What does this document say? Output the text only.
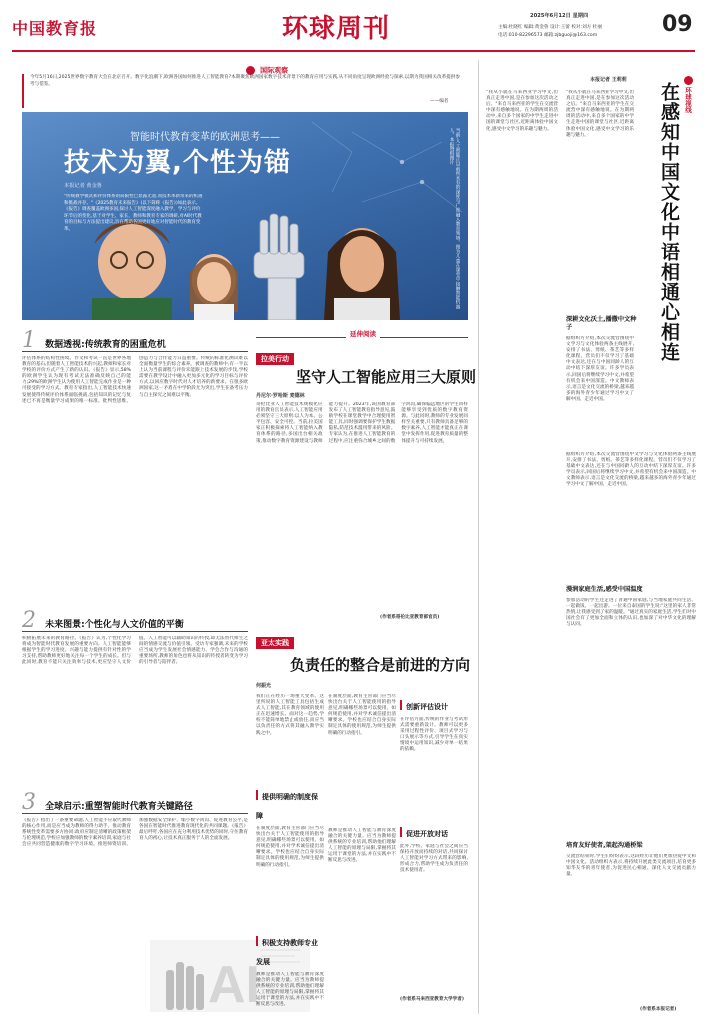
中国教育报	环球周刊	2025年6月12日 星期四
主编:杜晓红 编辑:黄金鲁 设计:王蕾 校对:刘方 杜丽
电话:010-82296573 邮箱:zjbguoji@163.com	09
国际观察
今年5月16日,2025世界数字教育大会在北京召开。数字化浪潮下,欧洲各国如何推进人工智能教育?本期聚焦欧洲国家数字技术背景下的教育应用与实践,从不同角度呈现欧洲经验与探索,以期为我国相关改革提供参考与借鉴。
——编者
智能时代教育变革的欧洲思考——
技术为翼,个性为锚
本报记者 黄金鲁
"传统教学模式和评价体系的局限性已显露无遗,而技术革新带来的机遇和挑战并存。"《2025教育未来报告》(以下简称《报告》)如此表示。《报告》调查覆盖欧洲多国,探讨人工智能深度融入教学、学习与评价环节后的变化,基于对学生、家长、教师和教育专家的调研,对AI时代教育的目标与方法提出建议,旨在帮助各国更好地应对智能时代的教育变革。	当前,人工智能正以前所未有的深度与广度融入教育领域。图为儿童在课堂中接触智能机器人。本报资料图片
1 数据透视:传统教育的困重危机
评估体系的结构性困境。作文和考试一直是世界各地教育的基石,但随着人工智能技术的兴起,教师和家长对学校的评价方式产生了新的认识。《报告》显示,58%的欧洲学生认为现有考试无法准确反映自己的能力;29%的欧洲学生认为使用人工智能完成作业是一种可接受的学习方式。教育专家指出,人工智能技术快速发展使得传统评价体系面临挑战,包括知识的记忆与复述已不再是衡量学习成果的唯一标准。批判性思维、创造力与合作能力日益重要。传统的标准化测试难以全面衡量学生的综合素养。被调查的教师中,有一半以上认为当前课程与评价未能跟上技术发展的步伐,学校需要在教学设计中融入更加多元化的学习目标与评价方式,以回应数字时代对人才培养的新要求。在很多欧洲国家,这一矛盾在中学阶段尤为突出,学生在备考压力与自主探究之间难以平衡。
2 未来图景:个性化与人文价值的平衡
积极拓展未来的教育路径。《报告》认为,个性化学习将成为智能时代教育发展的重要方向。人工智能能够根据学生的学习进度、兴趣与能力提供有针对性的学习支持,帮助教师更好地关注每一个学生的成长。但与此同时,教育不能只关注效率与技术,更应坚守人文价值。人工智能可以辅助知识的传授,却无法替代师生之间的情感交流与价值引领。受访专家强调,未来的学校应当成为学生发展社会情感能力、学会合作与沟通的重要场所,教师的角色也将从知识的传授者转变为学习的引导者与陪伴者。
3 全球启示:重塑智能时代教育关键路径
《报告》指出了一条重要命题,人工智能不应取代教师的核心作用,而是应当成为教师的得力助手。推动教育系统性变革需要多方协同:政府应制定清晰的政策框架与伦理规范,学校应加强教师的数字素养培训,家庭与社会应共同营造健康的数字学习环境。推进师资培训、加强数据安全保护、缩小数字鸿沟、促进教育公平,是各国在智能时代推进教育现代化的共同课题。《报告》最后呼吁,各国应在充分利用技术优势的同时,守住教育育人的初心,让技术真正服务于人的全面发展。
AI
延伸阅读
拉美行动
坚守人工智能应用三大原则
丹尼尔·罗哈斯 麦德林
哥伦比亚人工智能技术规模化应用的教育官员表示,人工智能应用必须坚守三大原则:以人为本、公平包容、安全可控。当前,拉美国家正积极探索将人工智能纳入教育体系的路径,多国出台相关政策,推动数字教育资源建设与教师能力提升。2023年,该国教育部发布了人工智能教育指导意见,鼓励学校在课堂教学中合理使用智能工具,同时强调要保护学生数据隐私,防范技术滥用带来的风险。专家认为,在推进人工智能教育的过程中,应注重弥合城乡之间的数字鸿沟,确保偏远地区的学生同样能够享受到优质的数字教育资源。与此同时,教师的专业发展同样至关重要,只有教师具备足够的数字素养,人工智能才能真正在课堂中发挥作用,促进教育质量的整体提升与可持续发展。
(作者系哥伦比亚教育部官员)
亚太实践
负责任的整合是前进的方向
何振光
我们正在经历一场重大变革。这里所说的人工智能工具包括生成式人工智能,其在教育领域的使用正在迅速增长。面对这一趋势,学校不能简单地禁止或放任,而应当以负责任的方式将其融入教学实践之中。
提供明确的制度保障
在制度层面,教育主管部门应当尽快出台关于人工智能使用的指导意见,明确哪些场景可以使用、如何规范使用,并对学术诚信提出清晰要求。学校也应结合自身实际制定具体的使用规范,为师生提供明确的行动指引。
积极支持教师专业发展
教师是推动人工智能与教育深度融合的关键力量。应当为教师提供系统的专业培训,帮助他们理解人工智能的原理与局限,掌握将其运用于课堂的方法,并在实践中不断反思与改进。
在制度层面,教育主管部门应当尽快出台关于人工智能使用的指导意见,明确哪些场景可以使用、如何规范使用,并对学术诚信提出清晰要求。学校也应结合自身实际制定具体的使用规范,为师生提供明确的行动指引。
教师是推动人工智能与教育深度融合的关键力量。应当为教师提供系统的专业培训,帮助他们理解人工智能的原理与局限,掌握将其运用于课堂的方法,并在实践中不断反思与改进。
创新评估设计
在评估方面,传统的作业与考试形式需要重新设计。教师可以更多采用过程性评价、项目式学习与口头展示等方式,引导学生在真实情境中运用知识,减少对单一结果的依赖。
促进开放对话
此外,学校、家庭与社会之间应当保持开放而持续的对话,共同探讨人工智能对学习方式带来的影响,形成合力,帮助学生成为负责任的技术使用者。
(作者系马来西亚教育大学学者)
本报记者 王莉莉
环球视线
在感知中国文化中语相通心相连
"我从小就在马来西亚学习中文,但真正走进中国,是在参加这次活动之后。"来自马来西亚的学生在交流营中深有感触地说。在为期两周的活动中,来自多个国家的中学生走进中国的课堂与社区,近距离体验中国文化,感受中文学习的乐趣与魅力。
深耕文化沃土,播撒中文种子
据组织方介绍,本次交流营围绕中文学习与文化体验两条主线展开,安排了书法、剪纸、茶艺等多样化课程。营员们不仅学习了基础中文表达,还在与中国同龄人的互动中结下深厚友谊。许多学员表示,回国后将继续学习中文,并希望有机会来中国深造。中文教师表示,语言是文化交流的桥梁,越来越多的海外青少年通过学习中文了解中国、走近中国。
据组织方介绍,本次交流营围绕中文学习与文化体验两条主线展开,安排了书法、剪纸、茶艺等多样化课程。营员们不仅学习了基础中文表达,还在与中国同龄人的互动中结下深厚友谊。许多学员表示,回国后将继续学习中文,并希望有机会来中国深造。中文教师表示,语言是文化交流的桥梁,越来越多的海外青少年通过学习中文了解中国、走近中国。
漫润家庭生活,感受中国温度
参加活动的学生还走进了普通中国家庭,与当地家庭共同生活、一起做饭、一起出游。一位来自泰国的学生说:"这里的家人非常热情,让我感受到了家的温暖。"通过真实的家庭生活,学生们对中国社会有了更加全面和立体的认识,也加深了对中华文化的理解与认同。
培育友好使者,架起沟通桥梁
交流营结束时,学生们纷纷表示,这段经历让他们更加热爱中文和中国文化。活动组织方表示,将持续开展此类交流项目,培育更多知华友华的青年使者,为促进民心相通、深化人文交流贡献力量。
(作者系本报记者)
"我从小就在马来西亚学习中文,但真正走进中国,是在参加这次活动之后。"来自马来西亚的学生在交流营中深有感触地说。在为期两周的活动中,来自多个国家的中学生走进中国的课堂与社区,近距离体验中国文化,感受中文学习的乐趣与魅力。
